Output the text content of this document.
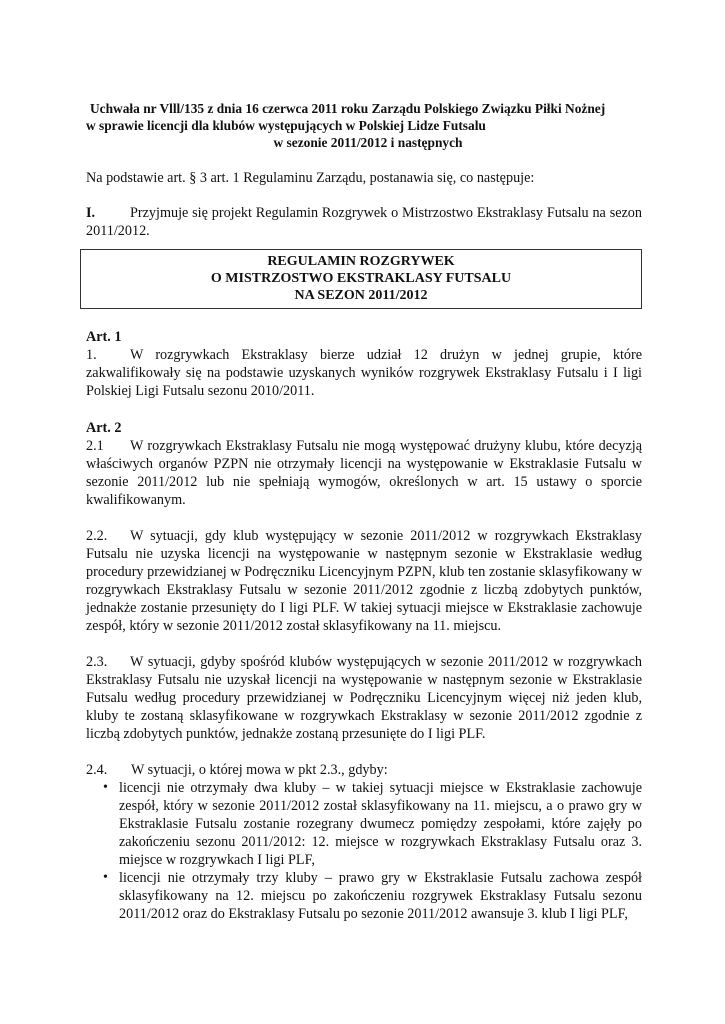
Uchwała nr Vlll/135 z dnia 16 czerwca 2011 roku Zarządu Polskiego Związku Piłki Nożnej
w sprawie licencji dla klubów występujących w Polskiej Lidze Futsalu
w sezonie 2011/2012 i następnych

Na podstawie art. § 3 art. 1 Regulaminu Zarządu, postanawia się, co następuje:

I. Przyjmuje się projekt Regulamin Rozgrywek o Mistrzostwo Ekstraklasy Futsalu na sezon 2011/2012.

REGULAMIN ROZGRYWEK
O MISTRZOSTWO EKSTRAKLASY FUTSALU
NA SEZON 2011/2012
Art. 1

1. W rozgrywkach Ekstraklasy bierze udział 12 drużyn w jednej grupie, które zakwalifikowały się na podstawie uzyskanych wyników rozgrywek Ekstraklasy Futsalu i I ligi Polskiej Ligi Futsalu sezonu 2010/2011.

Art. 2

2.1 W rozgrywkach Ekstraklasy Futsalu nie mogą występować drużyny klubu, które decyzją właściwych organów PZPN nie otrzymały licencji na występowanie w Ekstraklasie Futsalu w sezonie 2011/2012 lub nie spełniają wymogów, określonych w art. 15 ustawy o sporcie kwalifikowanym.

2.2. W sytuacji, gdy klub występujący w sezonie 2011/2012 w rozgrywkach Ekstraklasy Futsalu nie uzyska licencji na występowanie w następnym sezonie w Ekstraklasie według procedury przewidzianej w Podręczniku Licencyjnym PZPN, klub ten zostanie sklasyfikowany w rozgrywkach Ekstraklasy Futsalu w sezonie 2011/2012 zgodnie z liczbą zdobytych punktów, jednakże zostanie przesunięty do I ligi PLF. W takiej sytuacji miejsce w Ekstraklasie zachowuje zespół, który w sezonie 2011/2012 został sklasyfikowany na 11. miejscu.

2.3. W sytuacji, gdyby spośród klubów występujących w sezonie 2011/2012 w rozgrywkach Ekstraklasy Futsalu nie uzyskał licencji na występowanie w następnym sezonie w Ekstraklasie Futsalu według procedury przewidzianej w Podręczniku Licencyjnym więcej niż jeden klub, kluby te zostaną sklasyfikowane w rozgrywkach Ekstraklasy w sezonie 2011/2012 zgodnie z liczbą zdobytych punktów, jednakże zostaną przesunięte do I ligi PLF.

2.4. W sytuacji, o której mowa w pkt 2.3., gdyby:

• licencji nie otrzymały dwa kluby – w takiej sytuacji miejsce w Ekstraklasie zachowuje zespół, który w sezonie 2011/2012 został sklasyfikowany na 11. miejscu, a o prawo gry w Ekstraklasie Futsalu zostanie rozegrany dwumecz pomiędzy zespołami, które zajęły po zakończeniu sezonu 2011/2012: 12. miejsce w rozgrywkach Ekstraklasy Futsalu oraz 3. miejsce w rozgrywkach I ligi PLF,
• licencji nie otrzymały trzy kluby – prawo gry w Ekstraklasie Futsalu zachowa zespół sklasyfikowany na 12. miejscu po zakończeniu rozgrywek Ekstraklasy Futsalu sezonu 2011/2012 oraz do Ekstraklasy Futsalu po sezonie 2011/2012 awansuje 3. klub I ligi PLF,
